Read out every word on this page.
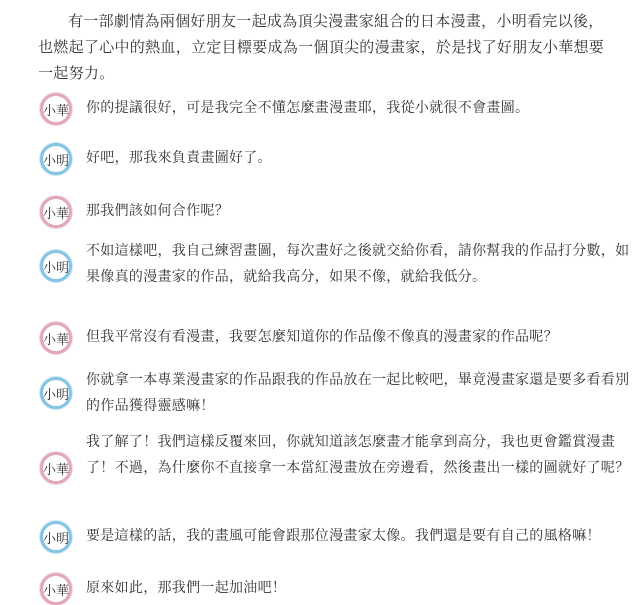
有一部劇情為兩個好朋友一起成為頂尖漫畫家組合的日本漫畫，小明看完以後，也燃起了心中的熱血，立定目標要成為一個頂尖的漫畫家，於是找了好朋友小華想要一起努力。

小華 你的提議很好，可是我完全不懂怎麼畫漫畫耶，我從小就很不會畫圖。
小明 好吧，那我來負責畫圖好了。
小華 那我們該如何合作呢？
小明
不如這樣吧，我自己練習畫圖，每次畫好之後就交給你看，請你幫我的作品打分數，如果像真的漫畫家的作品，就給我高分，如果不像，就給我低分。
小華 但我平常沒有看漫畫，我要怎麼知道你的作品像不像真的漫畫家的作品呢？
小明
你就拿一本專業漫畫家的作品跟我的作品放在一起比較吧，畢竟漫畫家還是要多看看別的作品獲得靈感嘛！
小華
我了解了！我們這樣反覆來回，你就知道該怎麼畫才能拿到高分，我也更會鑑賞漫畫了！不過，為什麼你不直接拿一本當紅漫畫放在旁邊看，然後畫出一樣的圖就好了呢？
小明 要是這樣的話，我的畫風可能會跟那位漫畫家太像。我們還是要有自己的風格嘛！
小華 原來如此，那我們一起加油吧！
